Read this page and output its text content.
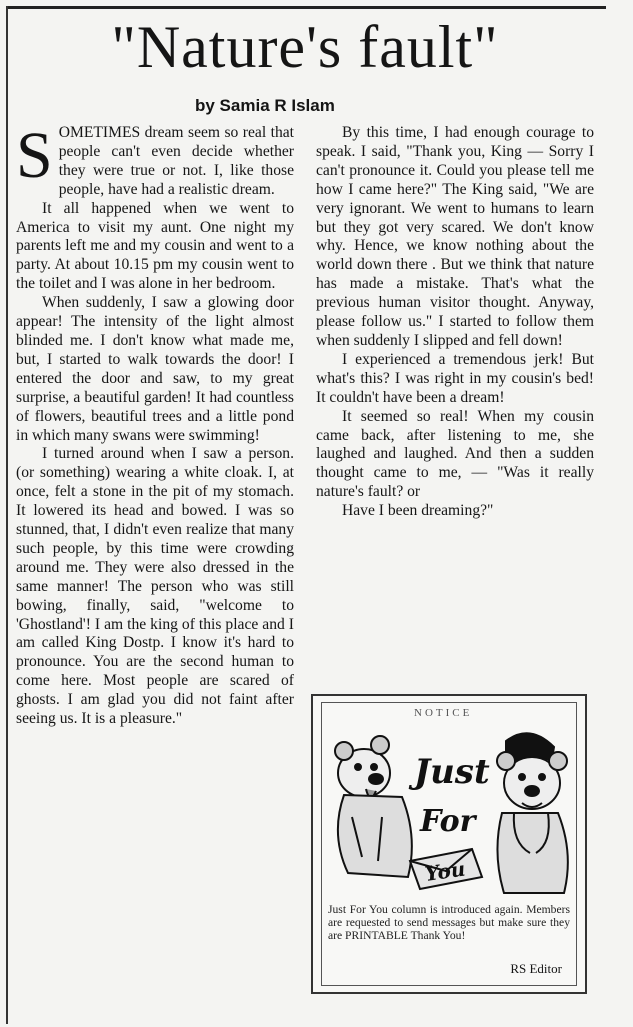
"Nature's fault"
by Samia R Islam

SOMETIMES dream seem so real that people can't even decide whether they were true or not. I, like those people, have had a realistic dream.

It all happened when we went to America to visit my aunt. One night my parents left me and my cousin and went to a party. At about 10.15 pm my cousin went to the toilet and I was alone in her bedroom.

When suddenly, I saw a glowing door appear! The intensity of the light almost blinded me. I don't know what made me, but, I started to walk towards the door! I entered the door and saw, to my great surprise, a beautiful garden! It had countless of flowers, beautiful trees and a little pond in which many swans were swimming!

I turned around when I saw a person. (or something) wearing a white cloak. I, at once, felt a stone in the pit of my stomach. It lowered its head and bowed. I was so stunned, that, I didn't even realize that many such people, by this time were crowding around me. They were also dressed in the same manner! The person who was still bowing, finally, said, "welcome to 'Ghostland'! I am the king of this place and I am called King Dostp. I know it's hard to pronounce. You are the second human to come here. Most people are scared of ghosts. I am glad you did not faint after seeing us. It is a pleasure."

By this time, I had enough courage to speak. I said, "Thank you, King — Sorry I can't pronounce it. Could you please tell me how I came here?" The King said, "We are very ignorant. We went to humans to learn but they got very scared. We don't know why. Hence, we know nothing about the world down there . But we think that nature has made a mistake. That's what the previous human visitor thought. Anyway, please follow us." I started to follow them when suddenly I slipped and fell down!

I experienced a tremendous jerk! But what's this? I was right in my cousin's bed! It couldn't have been a dream!

It seemed so real! When my cousin came back, after listening to me, she laughed and laughed. And then a sudden thought came to me, — "Was it really nature's fault? or

Have I been dreaming?"

NOTICE
Just
For
You
Just For You column is introduced again. Members are requested to send messages but make sure they are PRINTABLE Thank You!
RS Editor
